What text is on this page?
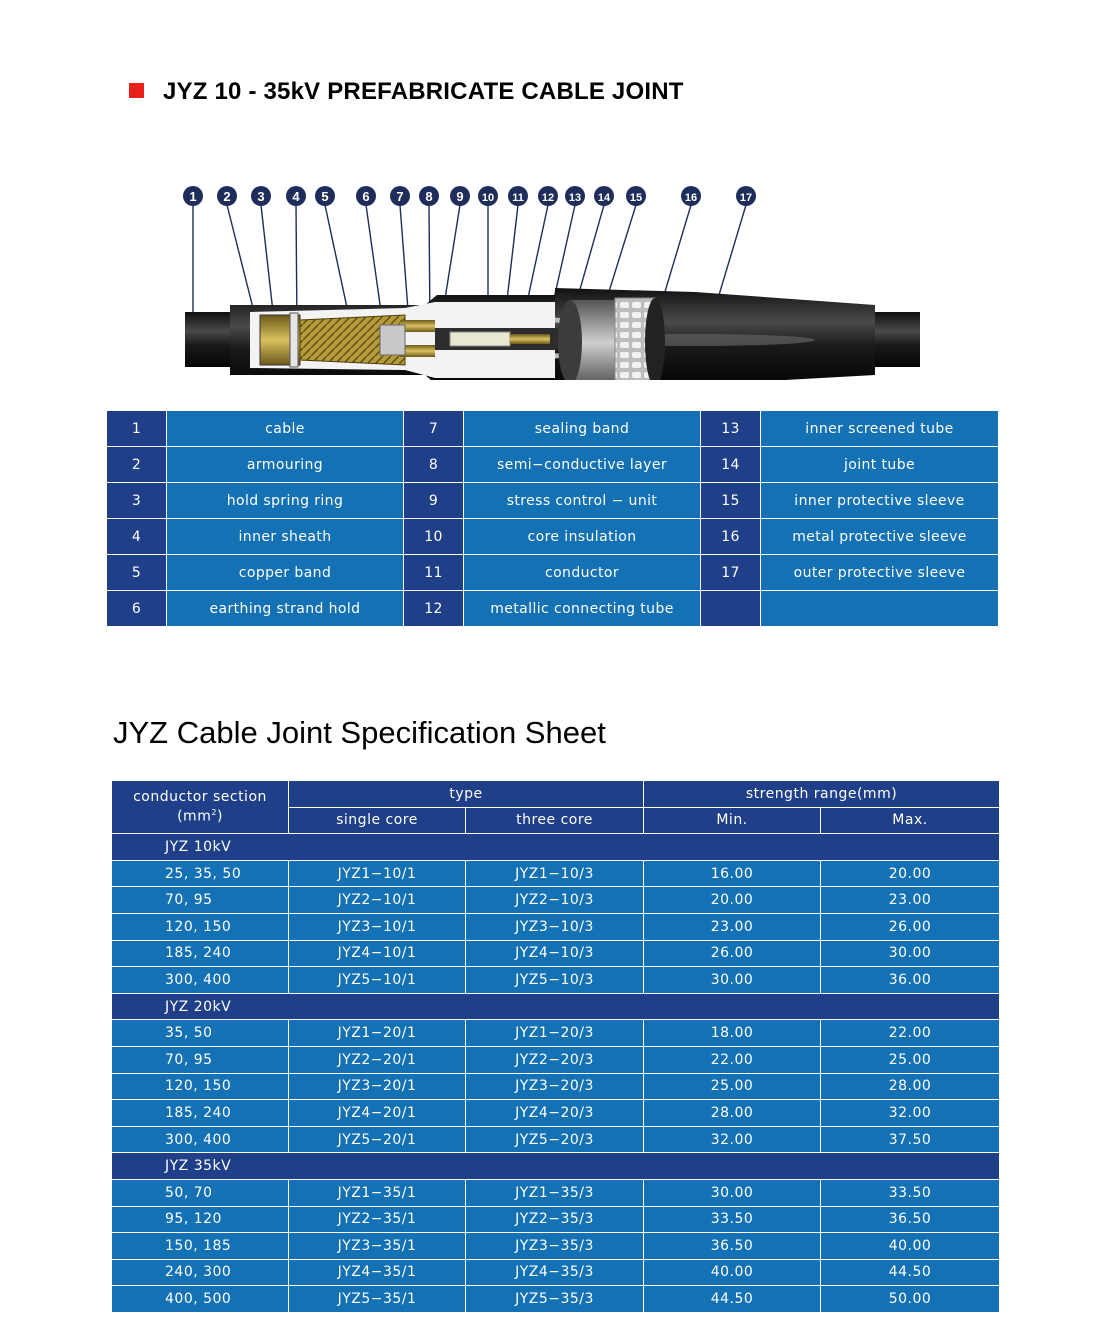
JYZ 10 - 35kV PREFABRICATE CABLE JOINT
1 2 3 4 5	6 7 8 9 10 11 12 13 14 15	16	17
1	cable	7	sealing band	13	inner screened tube
2	armouring	8	semi−conductive layer	14	joint tube
3	hold spring ring	9	stress control − unit	15	inner protective sleeve
4	inner sheath	10	core insulation	16	metal protective sleeve
5	copper band	11	conductor	17	outer protective sleeve
6	earthing strand hold	12	metallic connecting tube		
JYZ Cable Joint Specification Sheet
conductor section
$(mm^2)$	type		strength range(mm)	
	single core	three core	Min.	Max.
JYZ 10kV				
25, 35, 50	JYZ1−10/1	JYZ1−10/3	16.00	20.00
70, 95	JYZ2−10/1	JYZ2−10/3	20.00	23.00
120, 150	JYZ3−10/1	JYZ3−10/3	23.00	26.00
185, 240	JYZ4−10/1	JYZ4−10/3	26.00	30.00
300, 400	JYZ5−10/1	JYZ5−10/3	30.00	36.00
JYZ 20kV				
35, 50	JYZ1−20/1	JYZ1−20/3	18.00	22.00
70, 95	JYZ2−20/1	JYZ2−20/3	22.00	25.00
120, 150	JYZ3−20/1	JYZ3−20/3	25.00	28.00
185, 240	JYZ4−20/1	JYZ4−20/3	28.00	32.00
300, 400	JYZ5−20/1	JYZ5−20/3	32.00	37.50
JYZ 35kV				
50, 70	JYZ1−35/1	JYZ1−35/3	30.00	33.50
95, 120	JYZ2−35/1	JYZ2−35/3	33.50	36.50
150, 185	JYZ3−35/1	JYZ3−35/3	36.50	40.00
240, 300	JYZ4−35/1	JYZ4−35/3	40.00	44.50
400, 500	JYZ5−35/1	JYZ5−35/3	44.50	50.00
